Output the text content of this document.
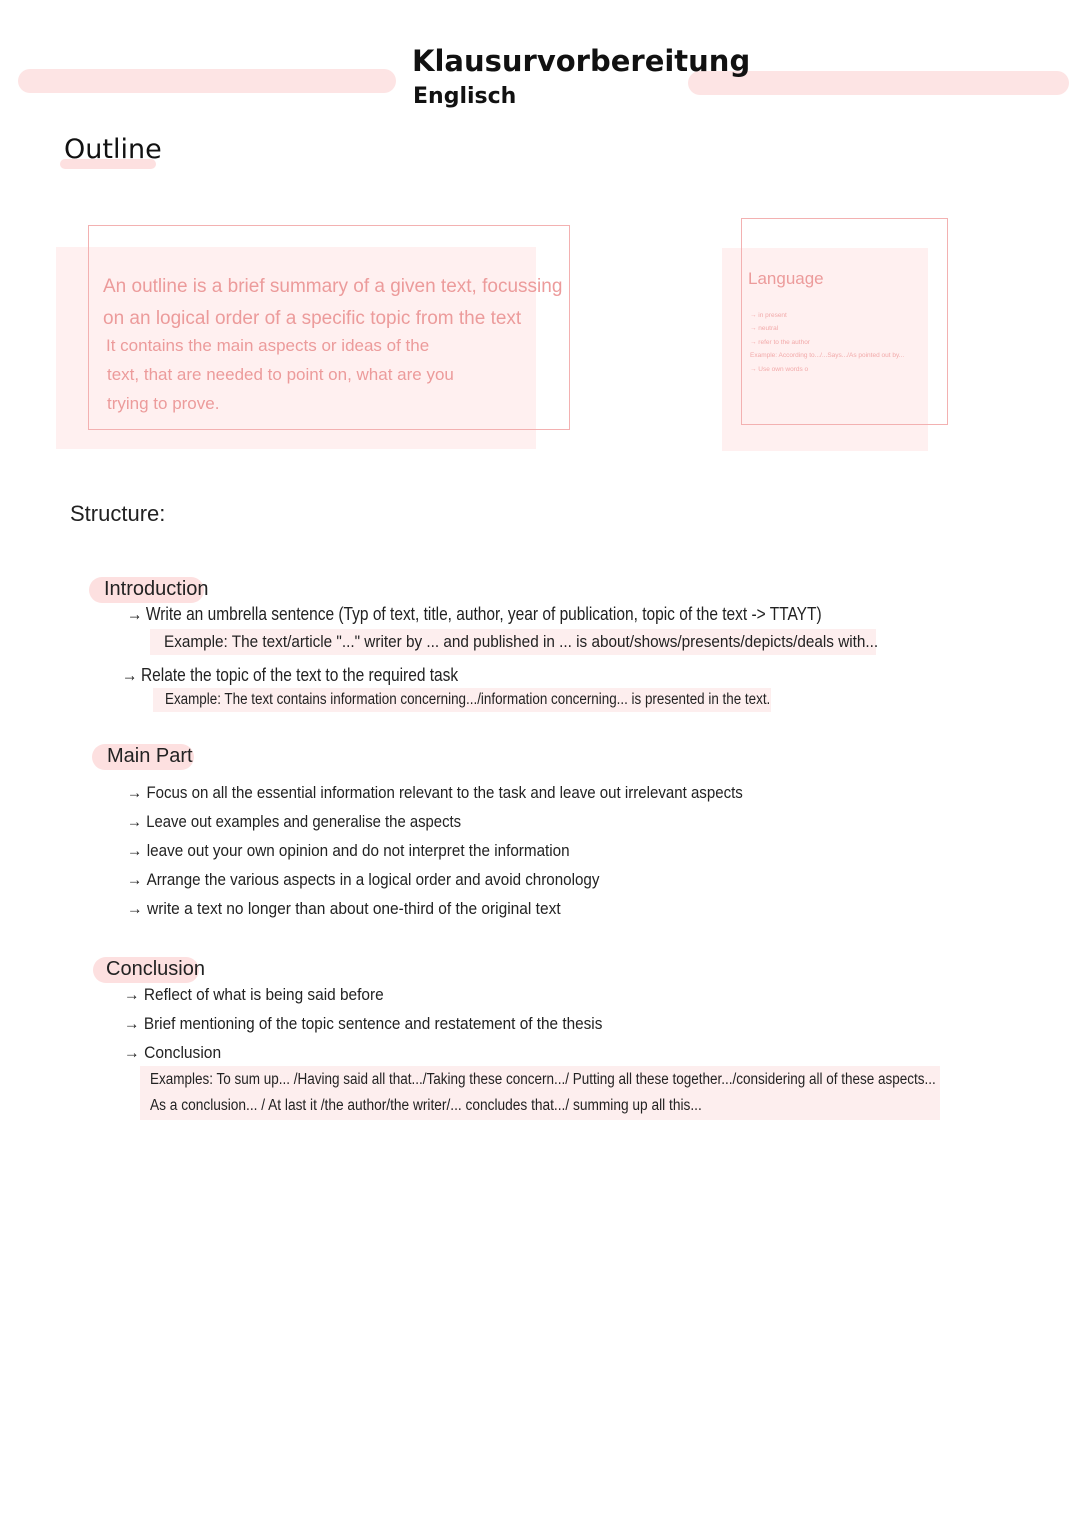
Klausurvorbereitung
Englisch
Outline
An outline is a brief summary of a given text, focussing
on an logical order of a specific topic from the text
It contains the main aspects or ideas of the
text, that are needed to point on, what are you
trying to prove.
Language
→ in present
→ neutral
→ refer to the author
Example: According to.../...Says.../As pointed out by...
→ Use own words o
Structure:
Introduction
→ Write an umbrella sentence (Typ of text, title, author, year of publication, topic of the text -> TTAYT)
Example: The text/article "..." writer by ... and published in ... is about/shows/presents/depicts/deals with...
→ Relate the topic of the text to the required task
Example: The text contains information concerning.../information concerning... is presented in the text.
Main Part
→ Focus on all the essential information relevant to the task and leave out irrelevant aspects
→ Leave out examples and generalise the aspects
→ leave out your own opinion and do not interpret the information
→ Arrange the various aspects in a logical order and avoid chronology
→ write a text no longer than about one-third of the original text
Conclusion
→ Reflect of what is being said before
→ Brief mentioning of the topic sentence and restatement of the thesis
→ Conclusion
Examples: To sum up... /Having said all that.../Taking these concern.../ Putting all these together.../considering all of these aspects...
As a conclusion... / At last it /the author/the writer/... concludes that.../ summing up all this...
